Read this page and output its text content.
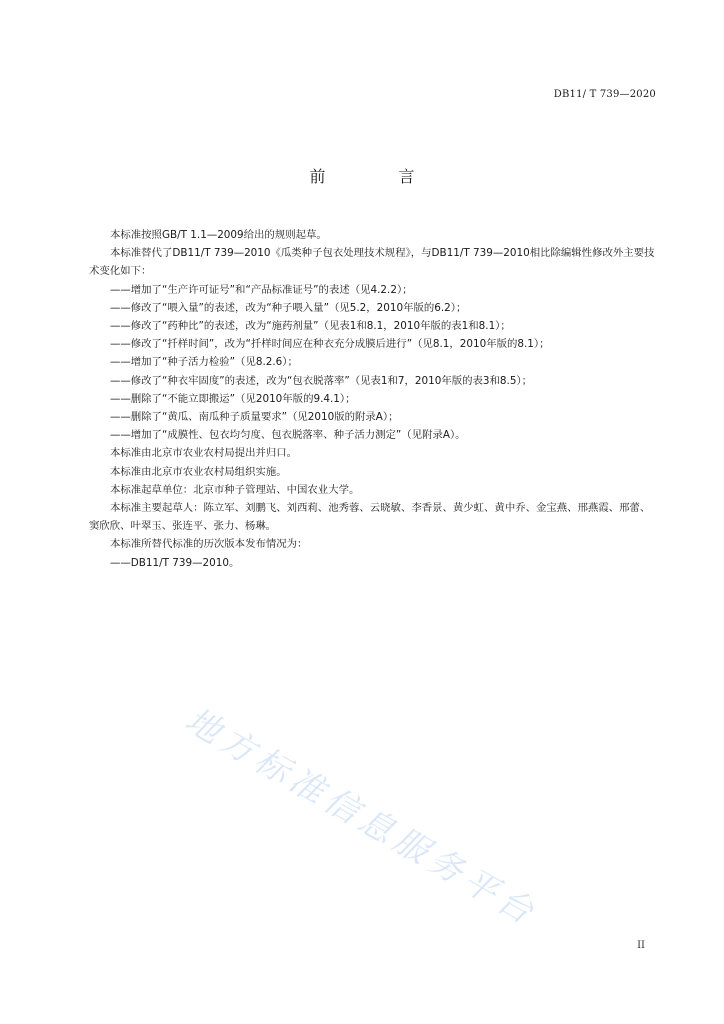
DB11/ T 739—2020
前 言

本标准按照GB/T 1.1—2009给出的规则起草。

本标准替代了DB11/T 739—2010《瓜类种子包衣处理技术规程》，与DB11/T 739—2010相比除编辑性修改外主要技术变化如下：

——增加了“生产许可证号”和“产品标准证号”的表述（见4.2.2）；

——修改了“喂入量”的表述，改为“种子喂入量”（见5.2，2010年版的6.2）；

——修改了“药种比”的表述，改为“施药剂量”（见表1和8.1，2010年版的表1和8.1）；

——修改了“扦样时间”，改为“扦样时间应在种衣充分成膜后进行”（见8.1，2010年版的8.1）；

——增加了“种子活力检验”（见8.2.6）；

——修改了“种衣牢固度”的表述，改为“包衣脱落率”（见表1和7，2010年版的表3和8.5）；

——删除了“不能立即搬运”（见2010年版的9.4.1）；

——删除了“黄瓜、南瓜种子质量要求”（见2010版的附录A）；

——增加了“成膜性、包衣均匀度、包衣脱落率、种子活力测定”（见附录A）。

本标准由北京市农业农村局提出并归口。

本标准由北京市农业农村局组织实施。

本标准起草单位：北京市种子管理站、中国农业大学。

本标准主要起草人：陈立军、刘鹏飞、刘西莉、池秀蓉、云晓敏、李香景、黄少虹、黄中乔、金宝燕、邢燕霞、邢蕾、窦欣欣、叶翠玉、张连平、张力、杨琳。

本标准所替代标准的历次版本发布情况为：

——DB11/T 739—2010。

地方标准信息服务平台
II
